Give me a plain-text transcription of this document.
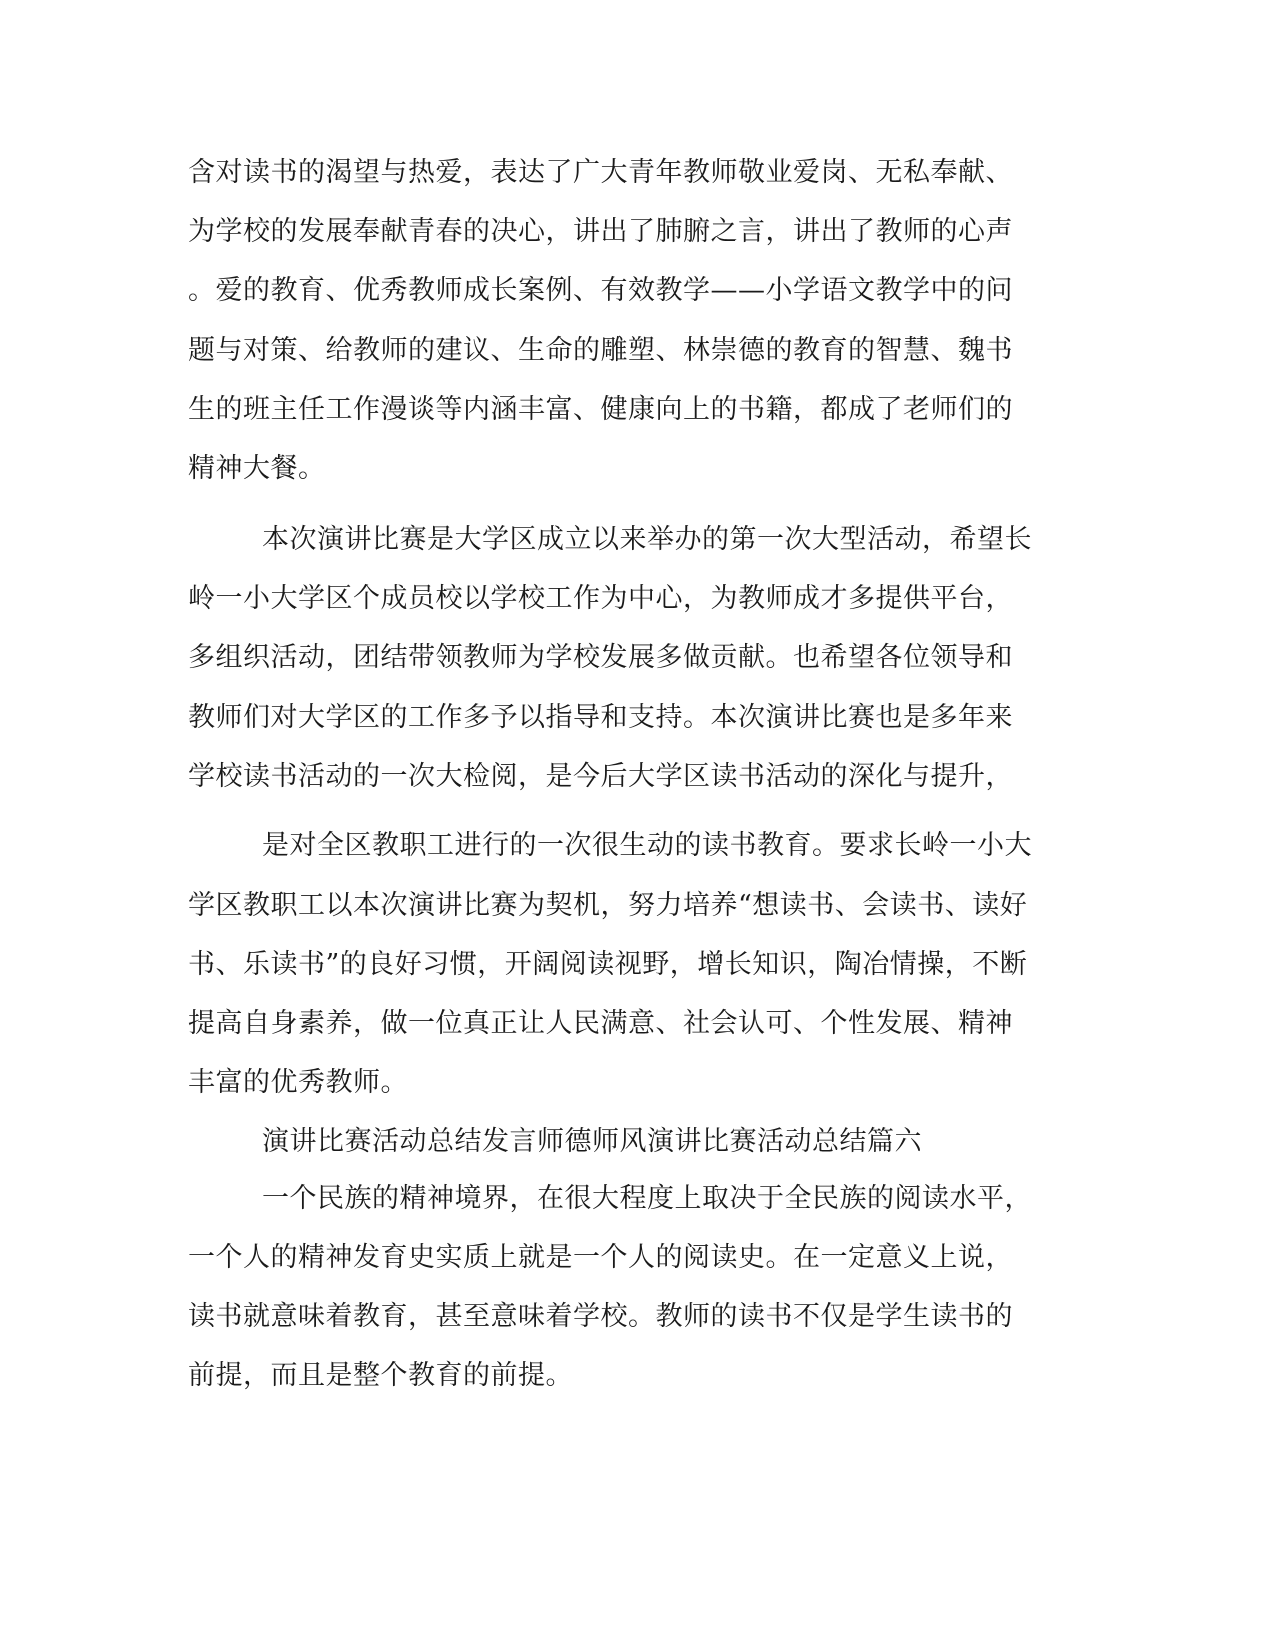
含对读书的渴望与热爱，表达了广大青年教师敬业爱岗、无私奉献、
为学校的发展奉献青春的决心，讲出了肺腑之言，讲出了教师的心声
。爱的教育、优秀教师成长案例、有效教学——小学语文教学中的问
题与对策、给教师的建议、生命的雕塑、林崇德的教育的智慧、魏书
生的班主任工作漫谈等内涵丰富、健康向上的书籍，都成了老师们的
精神大餐。
本次演讲比赛是大学区成立以来举办的第一次大型活动，希望长
岭一小大学区个成员校以学校工作为中心，为教师成才多提供平台，
多组织活动，团结带领教师为学校发展多做贡献。也希望各位领导和
教师们对大学区的工作多予以指导和支持。本次演讲比赛也是多年来
学校读书活动的一次大检阅，是今后大学区读书活动的深化与提升，
是对全区教职工进行的一次很生动的读书教育。要求长岭一小大
学区教职工以本次演讲比赛为契机，努力培养“想读书、会读书、读好
书、乐读书”的良好习惯，开阔阅读视野，增长知识，陶冶情操，不断
提高自身素养，做一位真正让人民满意、社会认可、个性发展、精神
丰富的优秀教师。
演讲比赛活动总结发言师德师风演讲比赛活动总结篇六
一个民族的精神境界，在很大程度上取决于全民族的阅读水平，
一个人的精神发育史实质上就是一个人的阅读史。在一定意义上说，
读书就意味着教育，甚至意味着学校。教师的读书不仅是学生读书的
前提，而且是整个教育的前提。
